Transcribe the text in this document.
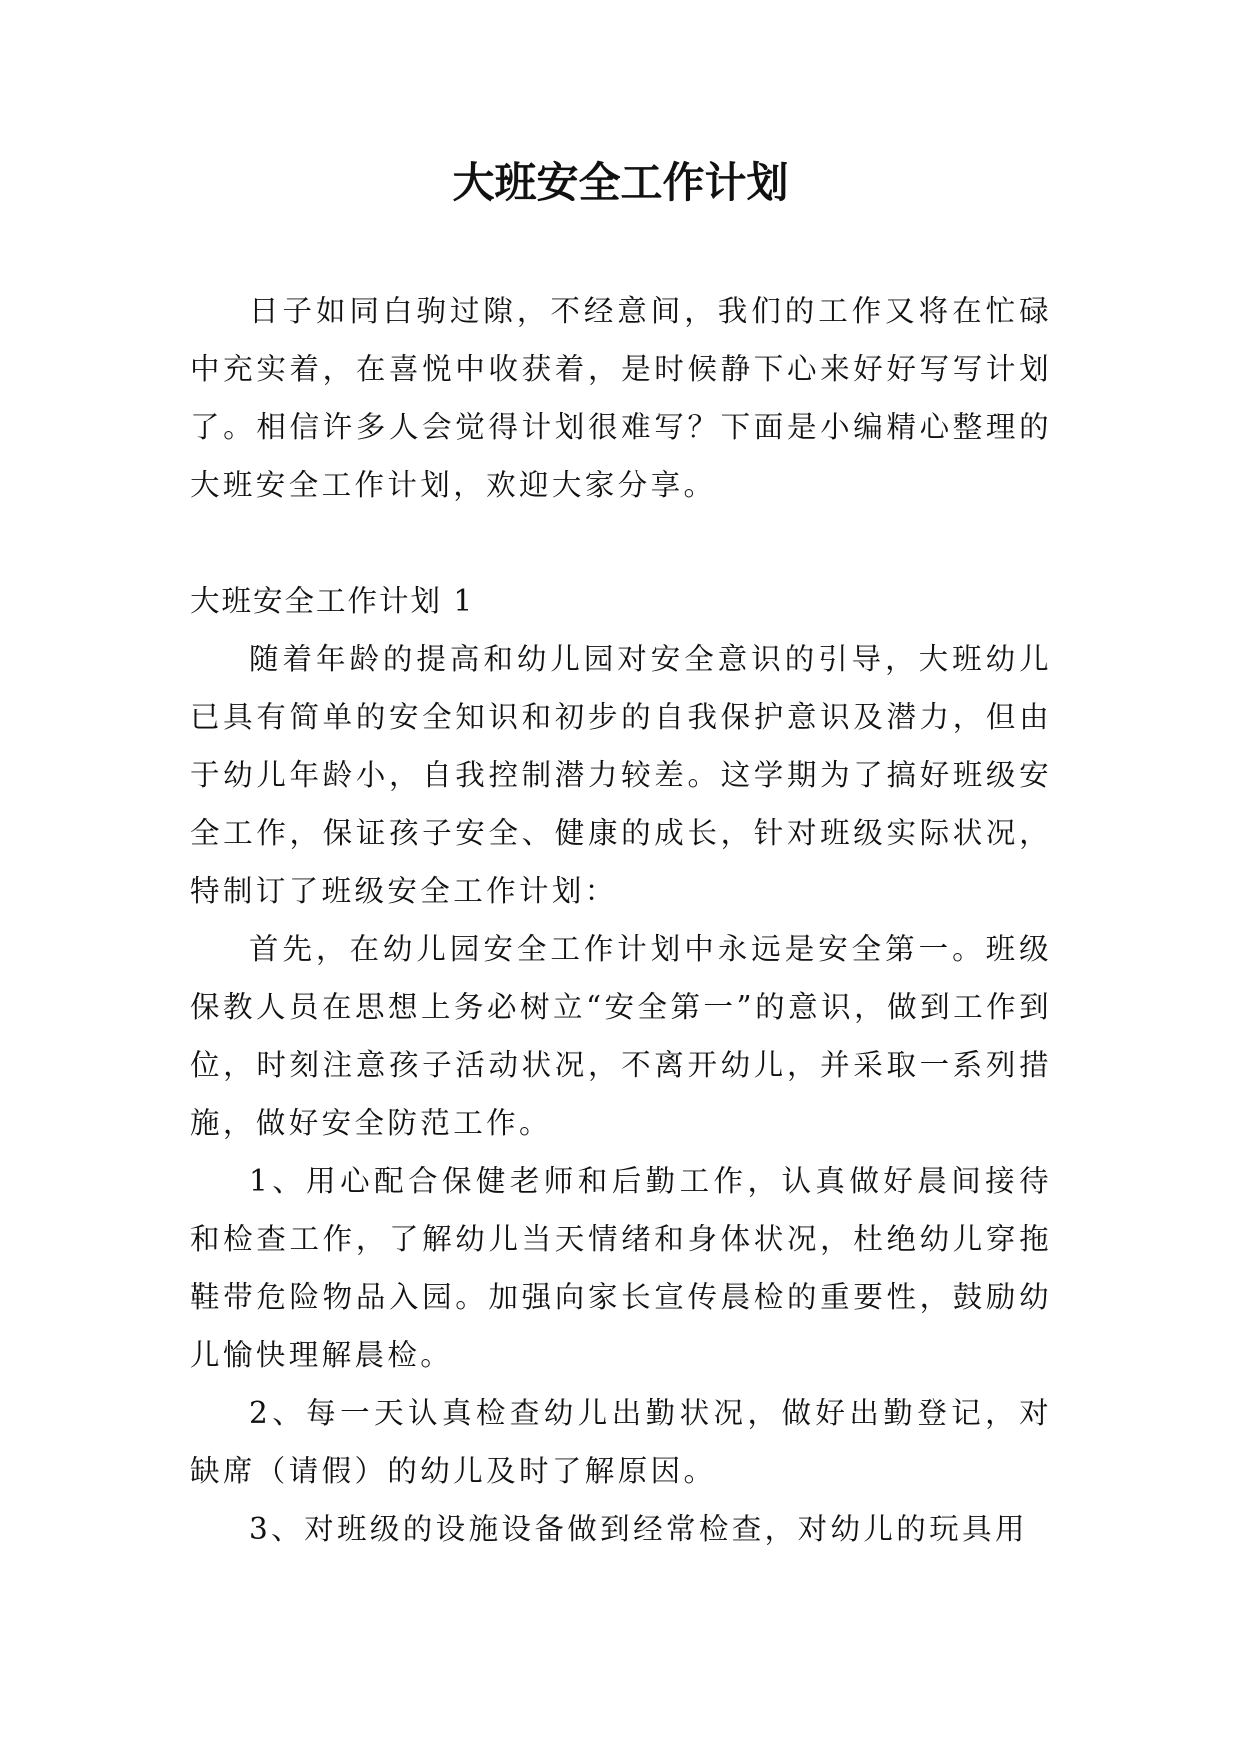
大班安全工作计划

日子如同白驹过隙，不经意间，我们的工作又将在忙碌中充实着，在喜悦中收获着，是时候静下心来好好写写计划了。相信许多人会觉得计划很难写？下面是小编精心整理的大班安全工作计划，欢迎大家分享。

大班安全工作计划 1

随着年龄的提高和幼儿园对安全意识的引导，大班幼儿已具有简单的安全知识和初步的自我保护意识及潜力，但由于幼儿年龄小，自我控制潜力较差。这学期为了搞好班级安全工作，保证孩子安全、健康的成长，针对班级实际状况，特制订了班级安全工作计划：

首先，在幼儿园安全工作计划中永远是安全第一。班级保教人员在思想上务必树立“安全第一”的意识，做到工作到位，时刻注意孩子活动状况，不离开幼儿，并采取一系列措施，做好安全防范工作。

1、用心配合保健老师和后勤工作，认真做好晨间接待和检查工作，了解幼儿当天情绪和身体状况，杜绝幼儿穿拖鞋带危险物品入园。加强向家长宣传晨检的重要性，鼓励幼儿愉快理解晨检。

2、每一天认真检查幼儿出勤状况，做好出勤登记，对缺席（请假）的幼儿及时了解原因。

3、对班级的设施设备做到经常检查，对幼儿的玩具用
